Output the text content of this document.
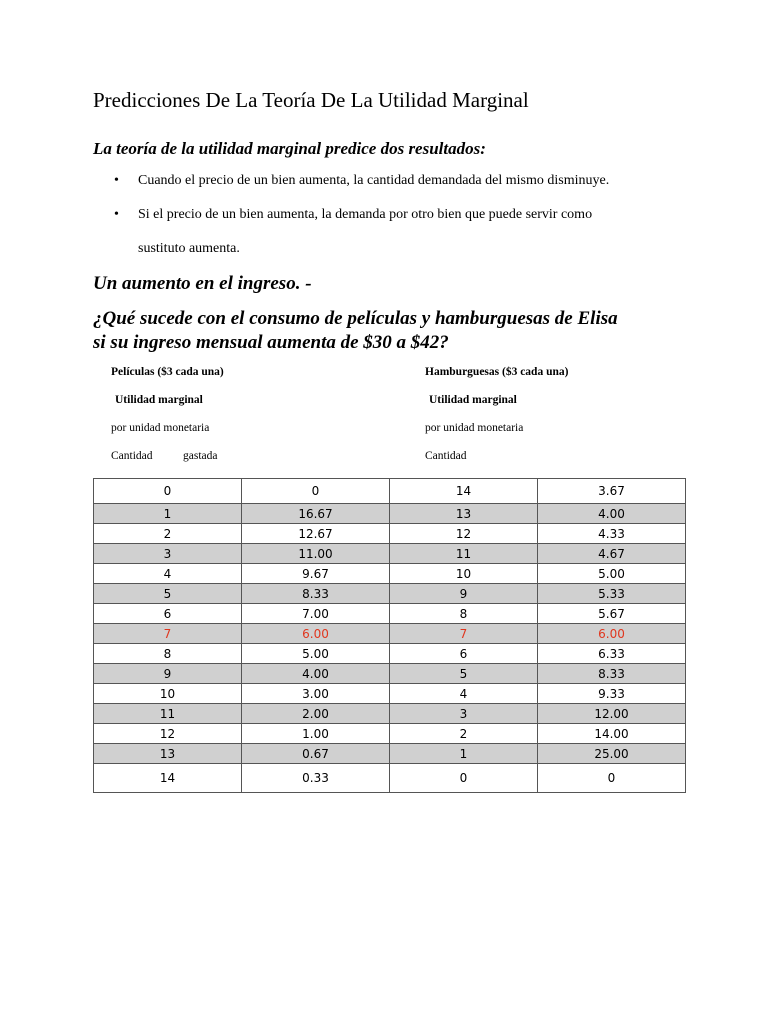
Predicciones De La Teoría De La Utilidad Marginal
La teoría de la utilidad marginal predice dos resultados:
• Cuando el precio de un bien aumenta, la cantidad demandada del mismo disminuye.
• Si el precio de un bien aumenta, la demanda por otro bien que puede servir como
sustituto aumenta.
Un aumento en el ingreso. -
¿Qué sucede con el consumo de películas y hamburguesas de Elisa
si su ingreso mensual aumenta de $30 a $42?
Películas ($3 cada una)
Utilidad marginal
por unidad monetaria
Cantidad	gastada
Hamburguesas ($3 cada una)
Utilidad marginal
por unidad monetaria
Cantidad
0	0	14	3.67
1	16.67	13	4.00
2	12.67	12	4.33
3	11.00	11	4.67
4	9.67	10	5.00
5	8.33	9	5.33
6	7.00	8	5.67
7	6.00	7	6.00
8	5.00	6	6.33
9	4.00	5	8.33
10	3.00	4	9.33
11	2.00	3	12.00
12	1.00	2	14.00
13	0.67	1	25.00
14	0.33	0	0
